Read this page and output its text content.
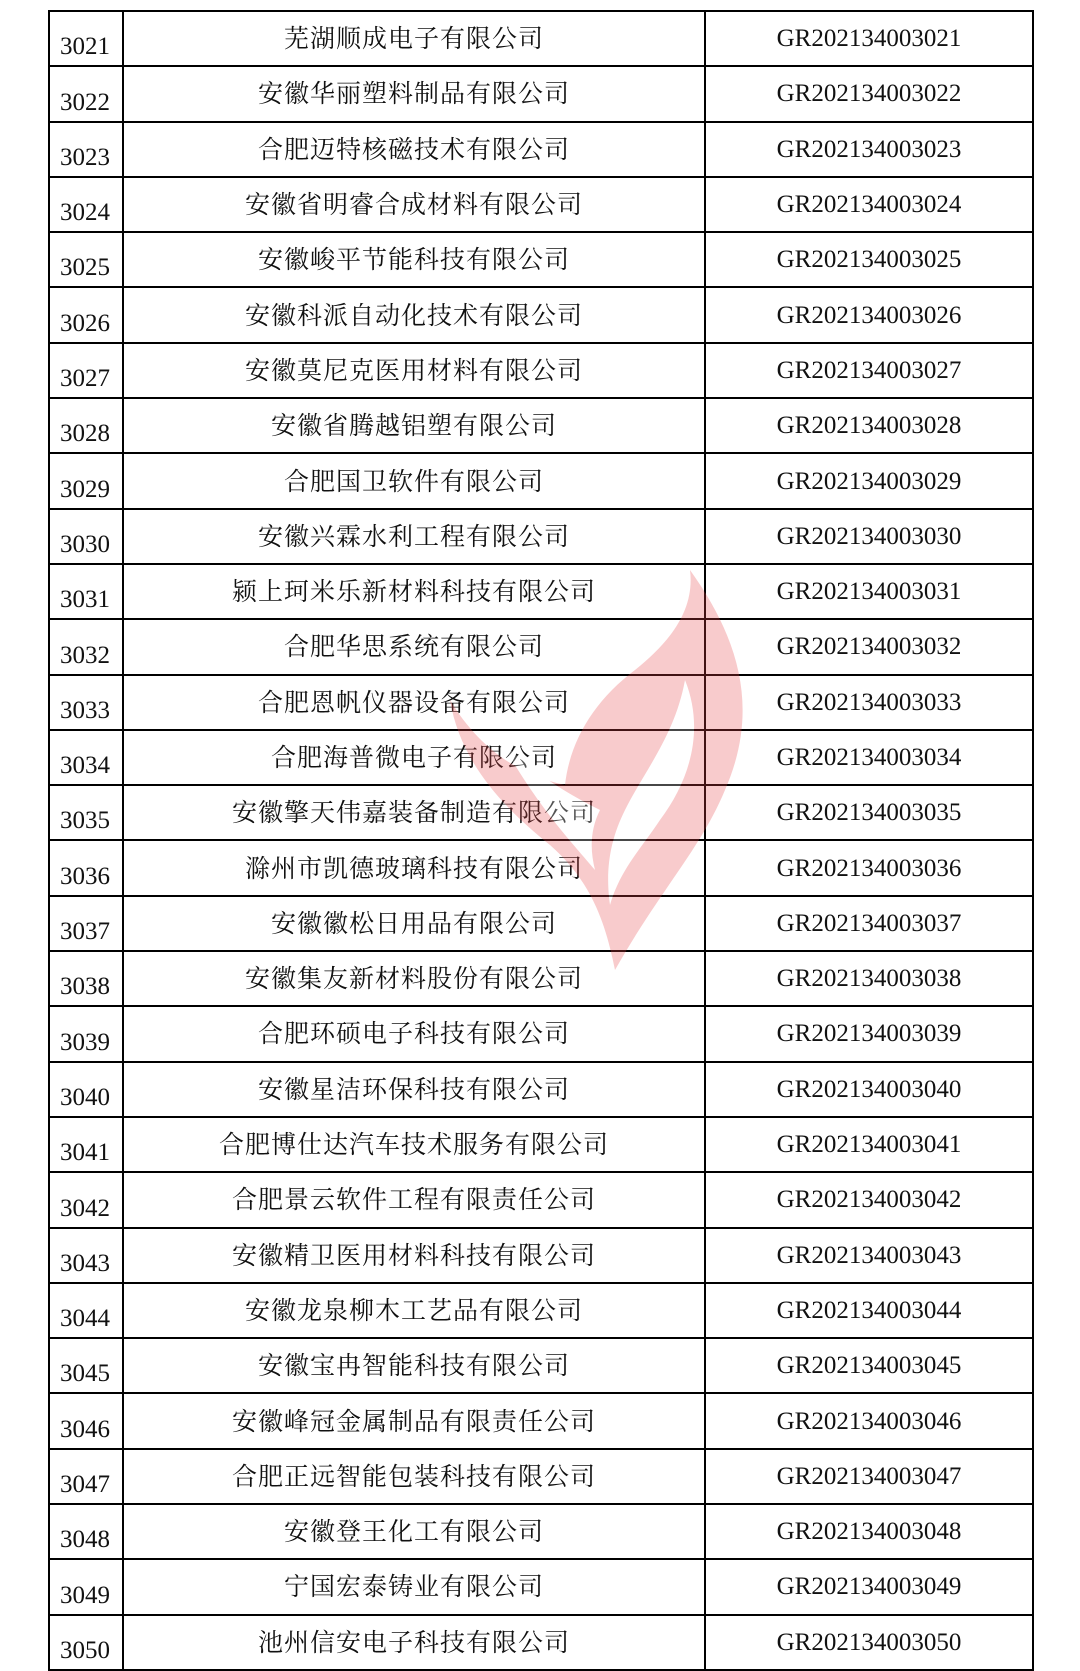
3021	芜湖顺成电子有限公司	GR202134003021
3022	安徽华丽塑料制品有限公司	GR202134003022
3023	合肥迈特核磁技术有限公司	GR202134003023
3024	安徽省明睿合成材料有限公司	GR202134003024
3025	安徽峻平节能科技有限公司	GR202134003025
3026	安徽科派自动化技术有限公司	GR202134003026
3027	安徽莫尼克医用材料有限公司	GR202134003027
3028	安徽省腾越铝塑有限公司	GR202134003028
3029	合肥国卫软件有限公司	GR202134003029
3030	安徽兴霖水利工程有限公司	GR202134003030
3031	颍上珂米乐新材料科技有限公司	GR202134003031
3032	合肥华思系统有限公司	GR202134003032
3033	合肥恩帆仪器设备有限公司	GR202134003033
3034	合肥海普微电子有限公司	GR202134003034
3035	安徽擎天伟嘉装备制造有限公司	GR202134003035
3036	滁州市凯德玻璃科技有限公司	GR202134003036
3037	安徽徽松日用品有限公司	GR202134003037
3038	安徽集友新材料股份有限公司	GR202134003038
3039	合肥环硕电子科技有限公司	GR202134003039
3040	安徽星洁环保科技有限公司	GR202134003040
3041	合肥博仕达汽车技术服务有限公司	GR202134003041
3042	合肥景云软件工程有限责任公司	GR202134003042
3043	安徽精卫医用材料科技有限公司	GR202134003043
3044	安徽龙泉柳木工艺品有限公司	GR202134003044
3045	安徽宝冉智能科技有限公司	GR202134003045
3046	安徽峰冠金属制品有限责任公司	GR202134003046
3047	合肥正远智能包装科技有限公司	GR202134003047
3048	安徽登王化工有限公司	GR202134003048
3049	宁国宏泰铸业有限公司	GR202134003049
3050	池州信安电子科技有限公司	GR202134003050
